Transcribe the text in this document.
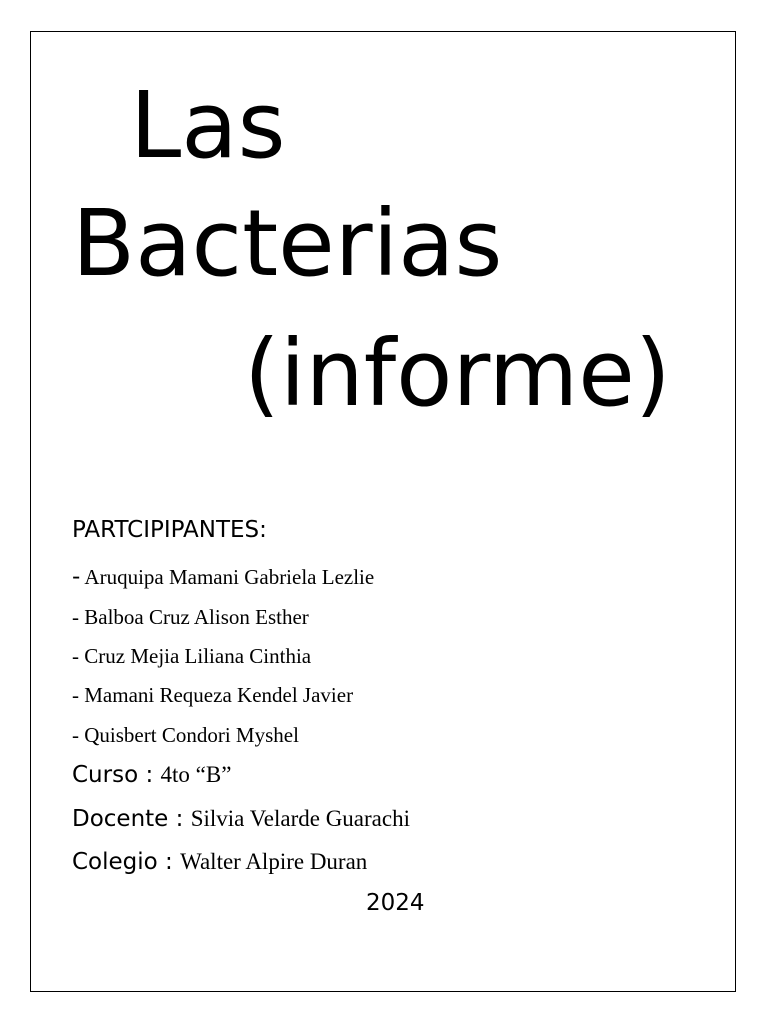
Las
Bacterias
(informe)
PARTCIPIPANTES:
- Aruquipa Mamani Gabriela Lezlie
- Balboa Cruz Alison Esther
- Cruz Mejia Liliana Cinthia
- Mamani Requeza Kendel Javier
- Quisbert Condori Myshel
Curso : 4to “B”
Docente : Silvia Velarde Guarachi
Colegio : Walter Alpire Duran
2024
